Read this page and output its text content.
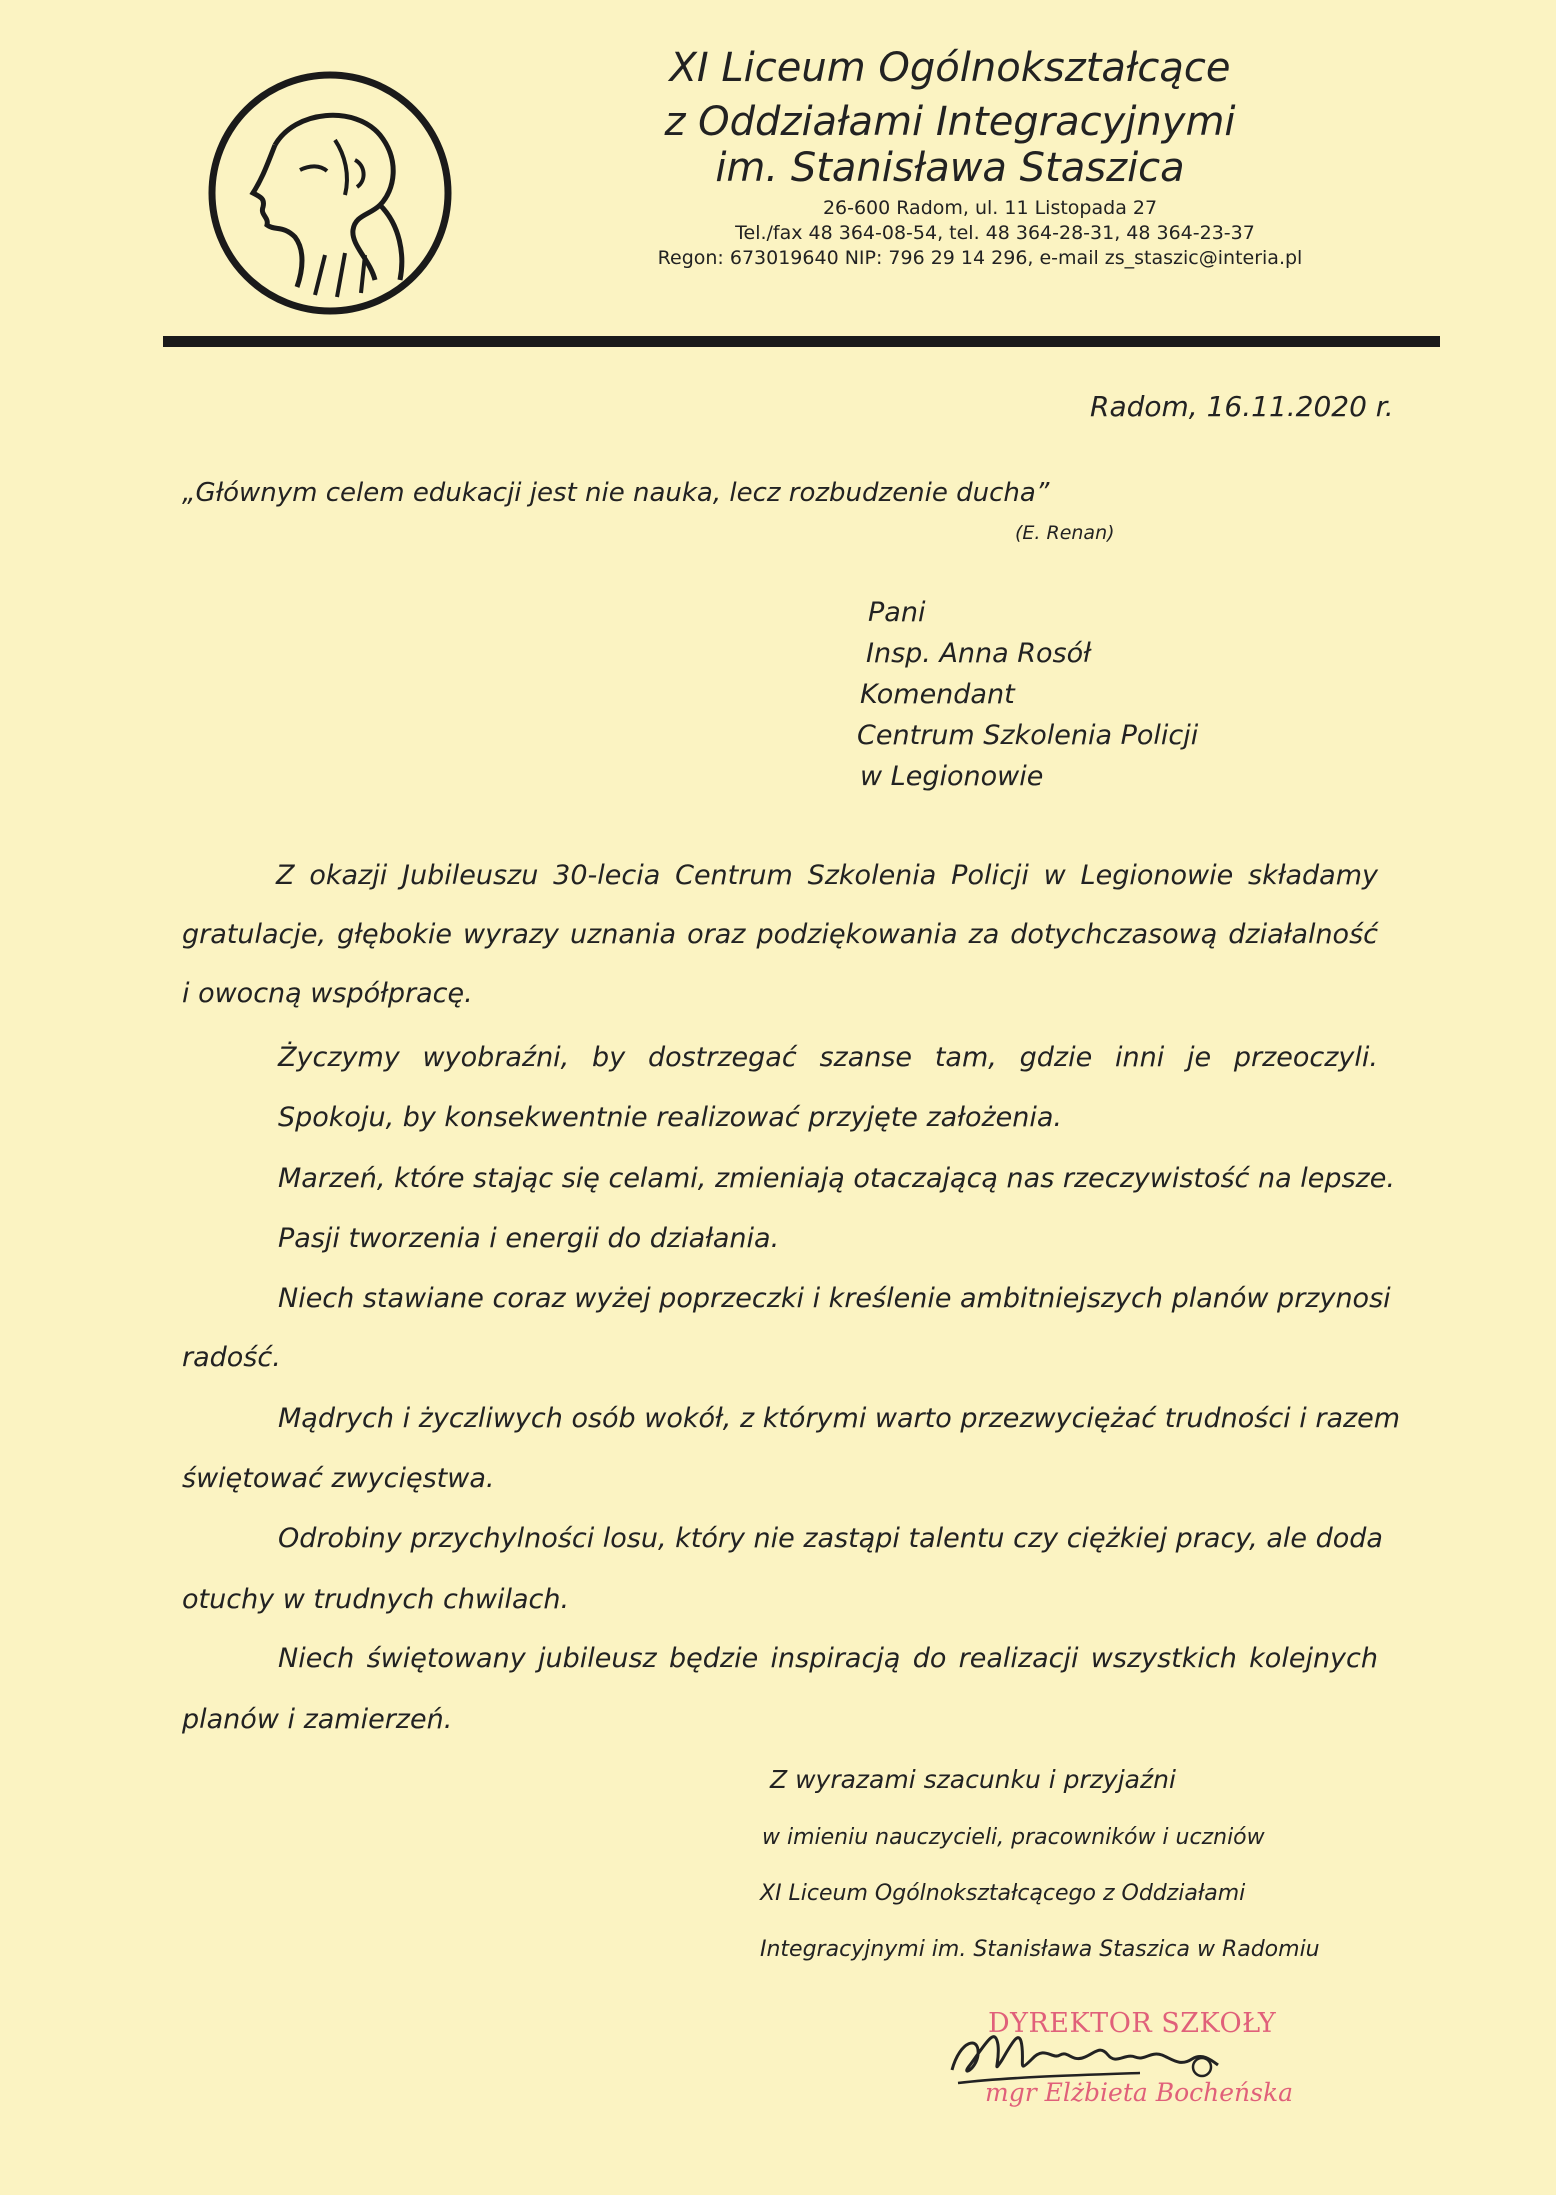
XI Liceum Ogólnokształcące
z Oddziałami Integracyjnymi
im. Stanisława Staszica
26-600 Radom, ul. 11 Listopada 27
Tel./fax 48 364-08-54, tel. 48 364-28-31, 48 364-23-37
Regon: 673019640 NIP: 796 29 14 296, e-mail zs_staszic@interia.pl
Radom, 16.11.2020 r.
„Głównym celem edukacji jest nie nauka, lecz rozbudzenie ducha”
(E. Renan)
Pani
Insp. Anna Rosół
Komendant
Centrum Szkolenia Policji
w Legionowie
Z okazji Jubileuszu 30-lecia Centrum Szkolenia Policji w Legionowie składamy
gratulacje, głębokie wyrazy uznania oraz podziękowania za dotychczasową działalność
i owocną współpracę.
Życzymy wyobraźni, by dostrzegać szanse tam, gdzie inni je przeoczyli.
Spokoju, by konsekwentnie realizować przyjęte założenia.
Marzeń, które stając się celami, zmieniają otaczającą nas rzeczywistość na lepsze.
Pasji tworzenia i energii do działania.
Niech stawiane coraz wyżej poprzeczki i kreślenie ambitniejszych planów przynosi
radość.
Mądrych i życzliwych osób wokół, z którymi warto przezwyciężać trudności i razem
świętować zwycięstwa.
Odrobiny przychylności losu, który nie zastąpi talentu czy ciężkiej pracy, ale doda
otuchy w trudnych chwilach.
Niech świętowany jubileusz będzie inspiracją do realizacji wszystkich kolejnych
planów i zamierzeń.
Z wyrazami szacunku i przyjaźni
w imieniu nauczycieli, pracowników i uczniów
XI Liceum Ogólnokształcącego z Oddziałami
Integracyjnymi im. Stanisława Staszica w Radomiu
DYREKTOR SZKOŁY
mgr Elżbieta Bocheńska
